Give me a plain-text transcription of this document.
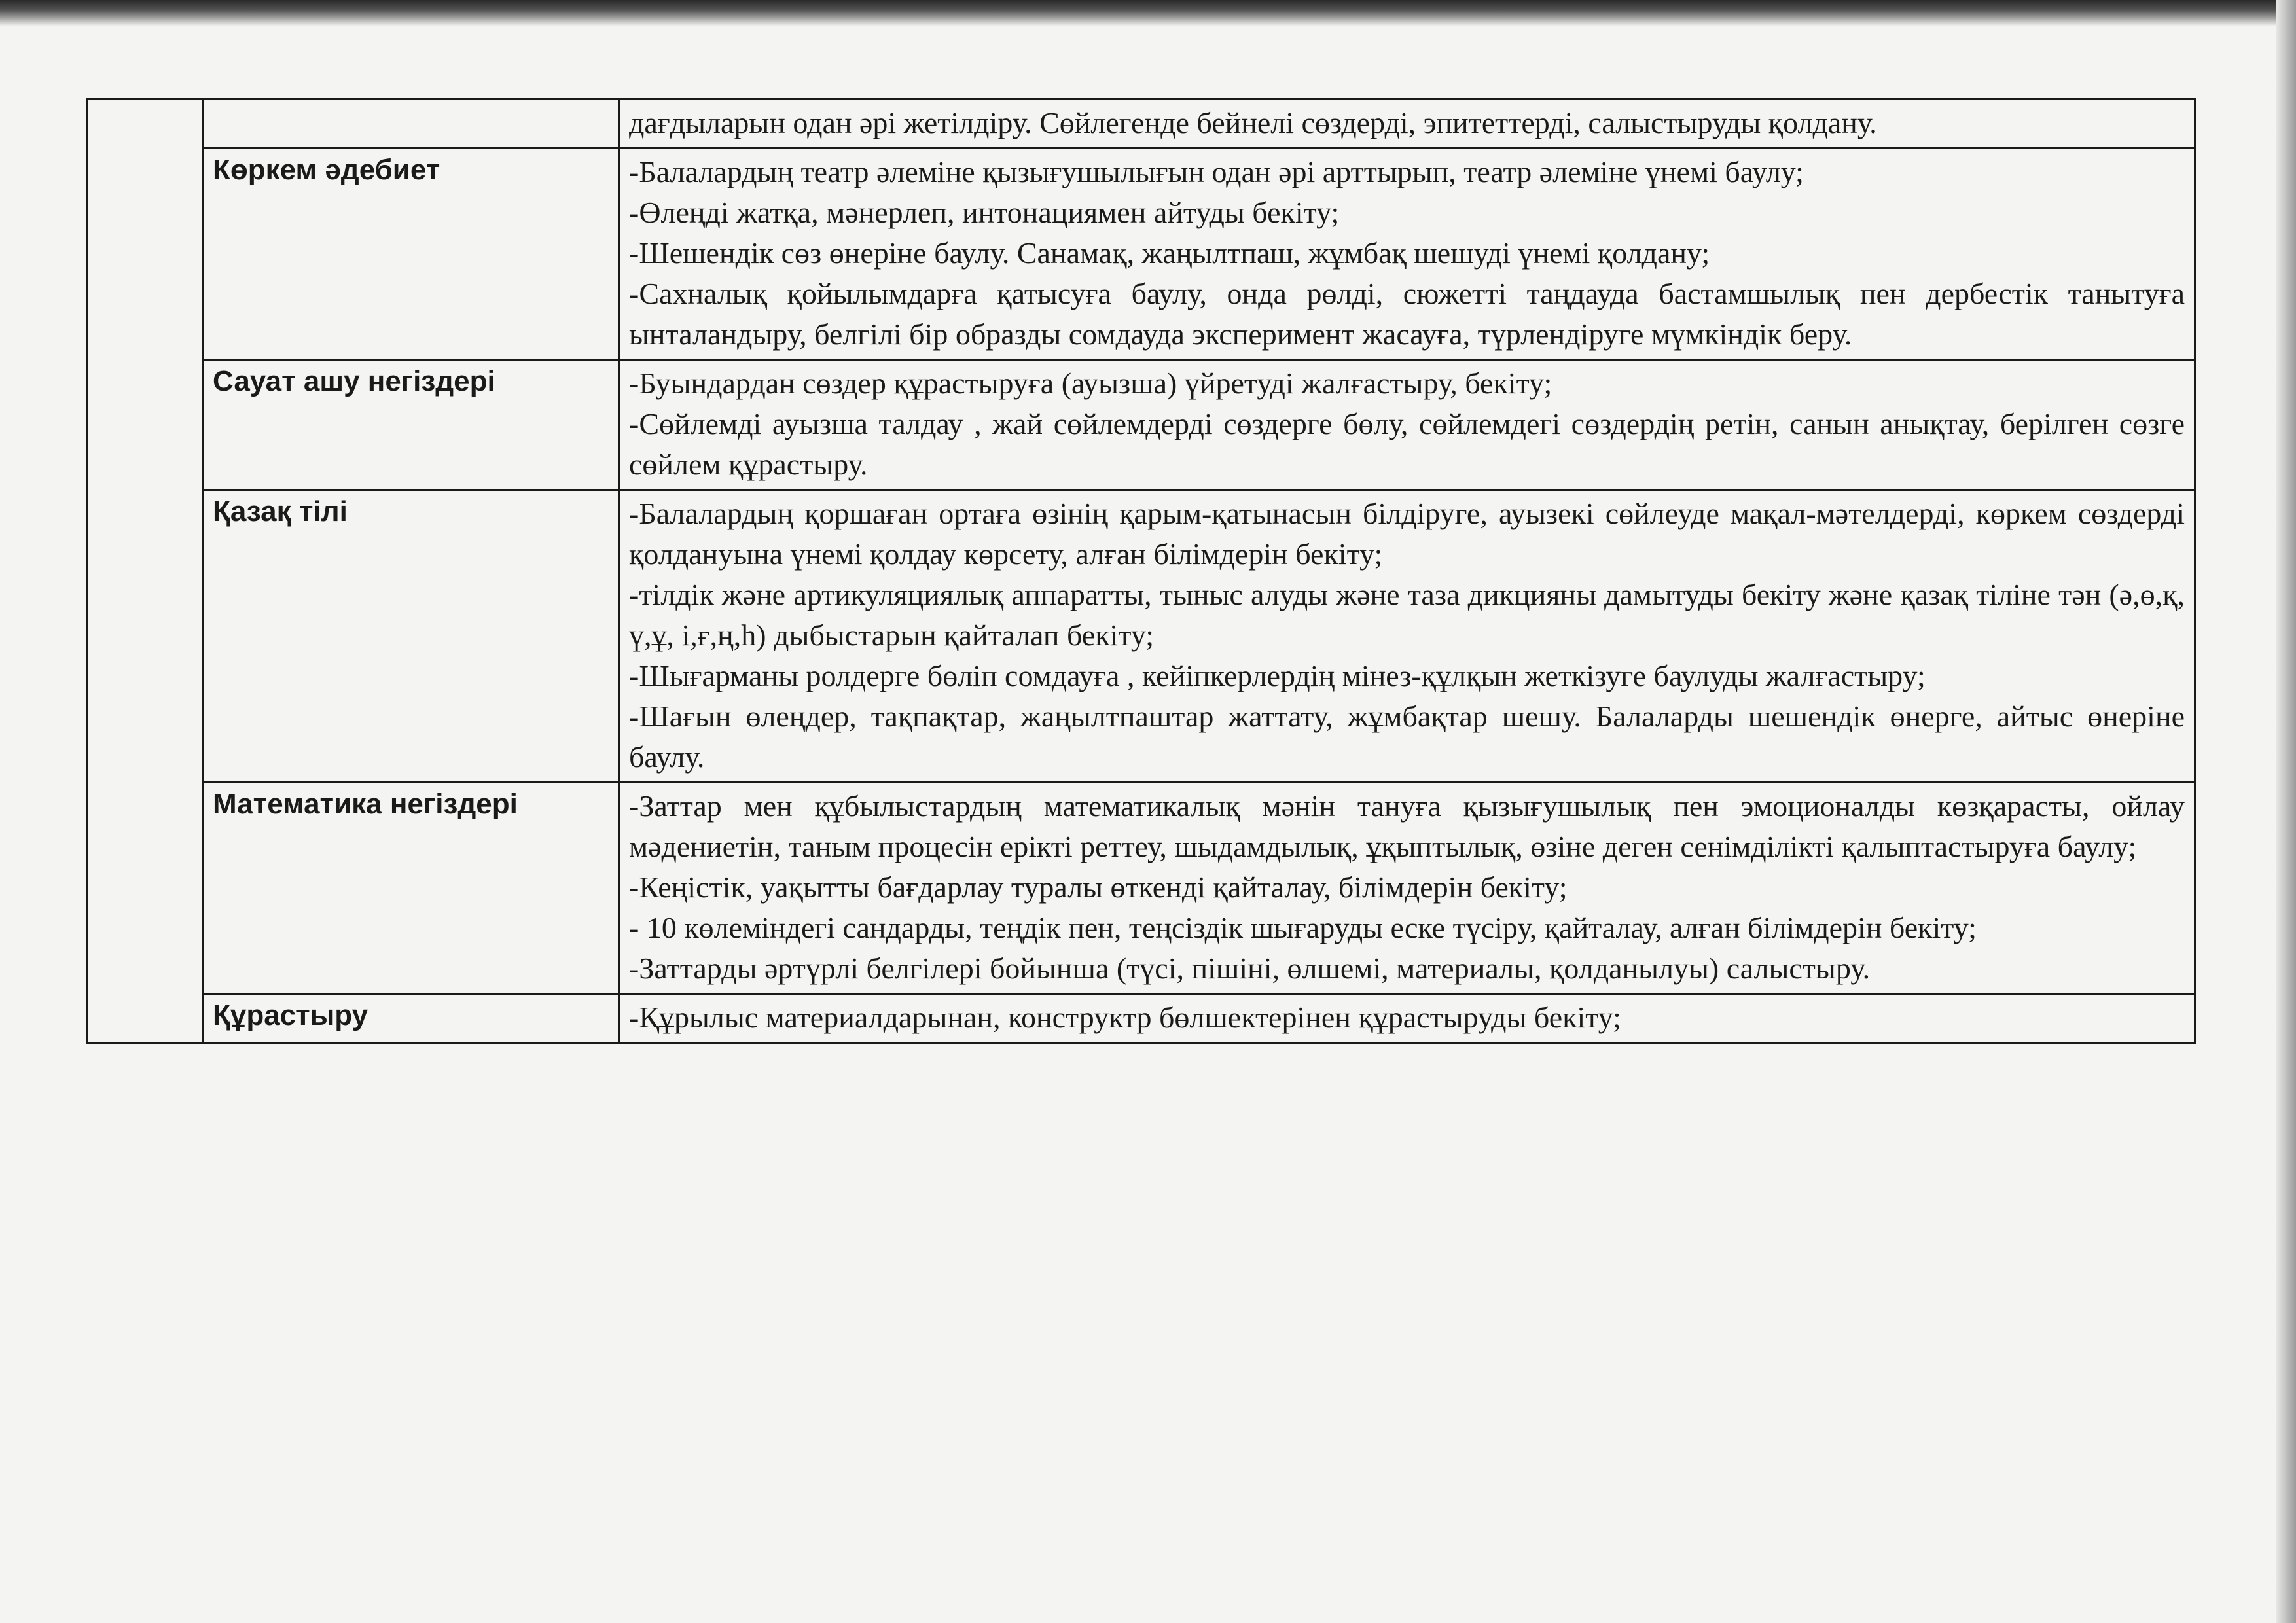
		дағдыларын одан әрі жетілдіру. Сөйлегенде бейнелі сөздерді, эпитеттерді, салыстыруды қолдану.

	Көркем әдебиет	-Балалардың театр әлеміне қызығушылығын одан әрі арттырып, театр әлеміне үнемі баулу;

-Өлеңді жатқа, мәнерлеп, интонациямен айтуды бекіту;

-Шешендік сөз өнеріне баулу. Санамақ, жаңылтпаш, жұмбақ шешуді үнемі қолдану;

-Сахналық қойылымдарға қатысуға баулу, онда рөлді, сюжетті таңдауда бастамшылық пен дербестік танытуға ынталандыру, белгілі бір образды сомдауда эксперимент жасауға, түрлендіруге мүмкіндік беру.

	Сауат ашу негіздері	-Буындардан сөздер құрастыруға (ауызша) үйретуді жалғастыру, бекіту;

-Сөйлемді ауызша талдау , жай сөйлемдерді сөздерге бөлу, сөйлемдегі сөздердің ретін, санын анықтау, берілген сөзге сөйлем құрастыру.

	Қазақ тілі	-Балалардың қоршаған ортаға өзінің қарым-қатынасын білдіруге, ауызекі сөйлеуде мақал-мәтелдерді, көркем сөздерді қолдануына үнемі қолдау көрсету, алған білімдерін бекіту;

-тілдік және артикуляциялық аппаратты, тыныс алуды және таза дикцияны дамытуды бекіту және қазақ тіліне тән (ә,ө,қ, ү,ұ, і,ғ,ң,һ) дыбыстарын қайталап бекіту;

-Шығарманы ролдерге бөліп сомдауға , кейіпкерлердің мінез-құлқын жеткізуге баулуды жалғастыру;

-Шағын өлеңдер, тақпақтар, жаңылтпаштар жаттату, жұмбақтар шешу. Балаларды шешендік өнерге, айтыс өнеріне баулу.

	Математика негіздері	-Заттар мен құбылыстардың математикалық мәнін тануға қызығушылық пен эмоционалды көзқарасты, ойлау мәдениетін, таным процесін ерікті реттеу, шыдамдылық, ұқыптылық, өзіне деген сенімділікті қалыптастыруға баулу;

-Кеңістік, уақытты бағдарлау туралы өткенді қайталау, білімдерін бекіту;

- 10 көлеміндегі сандарды, теңдік пен, теңсіздік шығаруды еске түсіру, қайталау, алған білімдерін бекіту;

-Заттарды әртүрлі белгілері бойынша (түсі, пішіні, өлшемі, материалы, қолданылуы) салыстыру.

	Құрастыру	-Құрылыс материалдарынан, конструктр бөлшектерінен құрастыруды бекіту;
